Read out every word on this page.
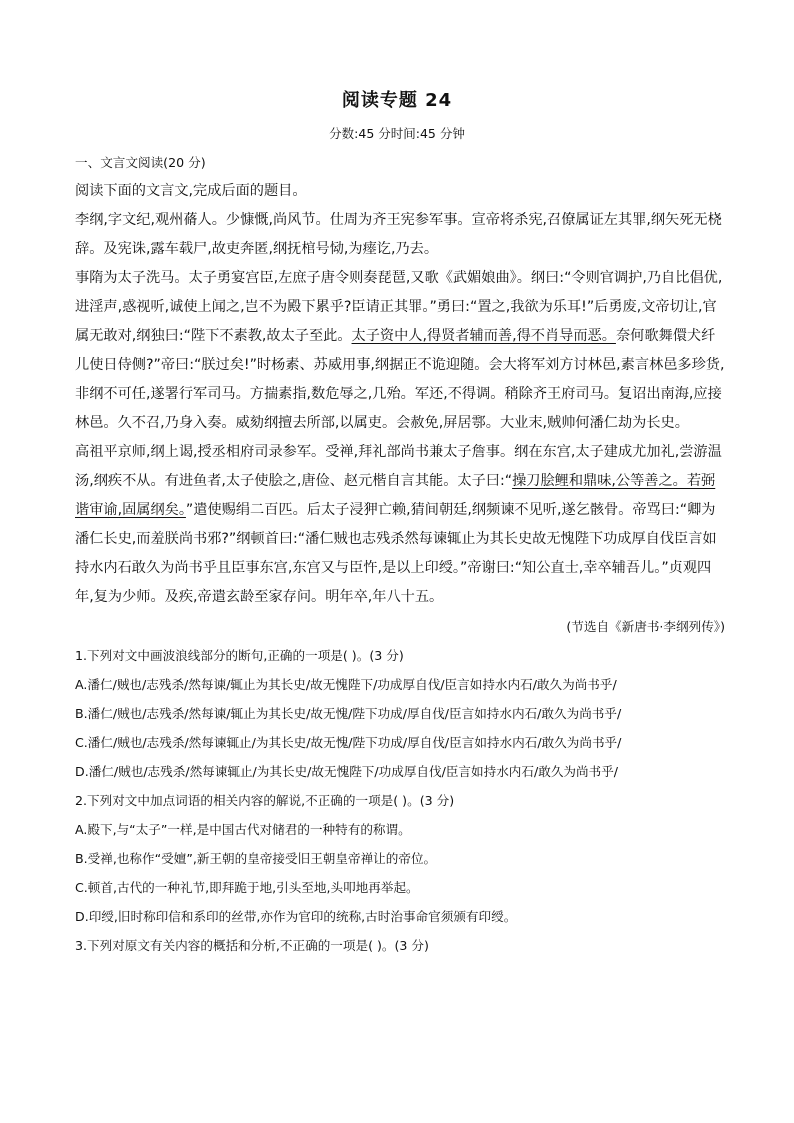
阅读专题 24
分数:45 分时间:45 分钟

一、文言文阅读(20 分)

阅读下面的文言文,完成后面的题目。

李纲,字文纪,观州蓨人。少慷慨,尚风节。仕周为齐王宪参军事。宣帝将杀宪,召僚属证左其罪,纲矢死无桡辞。及宪诛,露车载尸,故吏奔匿,纲抚棺号恸,为瘗讫,乃去。

事隋为太子洗马。太子勇宴宫臣,左庶子唐令则奏琵琶,又歌《武媚娘曲》。纲曰:“令则官调护,乃自比倡优,进淫声,惑视听,诚使上闻之,岂不为殿下累乎?臣请正其罪。”勇曰:“置之,我欲为乐耳!”后勇废,文帝切让,官属无敢对,纲独曰:“陛下不素教,故太子至此。太子资中人,得贤者辅而善,得不肖导而恶。奈何歌舞儇犬纤儿使日侍侧?”帝曰:“朕过矣!”时杨素、苏威用事,纲据正不诡迎随。会大将军刘方讨林邑,素言林邑多珍货,非纲不可任,遂署行军司马。方揣素指,数危辱之,几殆。军还,不得调。稍除齐王府司马。复诏出南海,应接林邑。久不召,乃身入奏。威劾纲擅去所部,以属吏。会赦免,屏居鄠。大业末,贼帅何潘仁劫为长史。

高祖平京师,纲上谒,授丞相府司录参军。受禅,拜礼部尚书兼太子詹事。纲在东宫,太子建成尤加礼,尝游温汤,纲疾不从。有进鱼者,太子使脍之,唐俭、赵元楷自言其能。太子曰:“操刀脍鲤和鼎味,公等善之。若弼谐审谕,固属纲矣。”遣使赐绢二百匹。后太子浸狎亡赖,猜间朝廷,纲频谏不见听,遂乞骸骨。帝骂曰:“卿为潘仁长史,而羞朕尚书邪?”纲顿首曰:“潘仁贼也志残杀然每谏辄止为其长史故无愧陛下功成厚自伐臣言如持水内石敢久为尚书乎且臣事东宫,东宫又与臣忤,是以上印绶。”帝谢曰:“知公直士,幸卒辅吾儿。”贞观四年,复为少师。及疾,帝遣玄龄至家存问。明年卒,年八十五。

(节选自《新唐书·李纲列传》)

1.下列对文中画波浪线部分的断句,正确的一项是( )。(3 分)

A.潘仁/贼也/志残杀/然每谏/辄止为其长史/故无愧陛下/功成厚自伐/臣言如持水内石/敢久为尚书乎/

B.潘仁/贼也/志残杀/然每谏/辄止为其长史/故无愧/陛下功成/厚自伐/臣言如持水内石/敢久为尚书乎/

C.潘仁/贼也/志残杀/然每谏辄止/为其长史/故无愧/陛下功成/厚自伐/臣言如持水内石/敢久为尚书乎/

D.潘仁/贼也/志残杀/然每谏辄止/为其长史/故无愧陛下/功成厚自伐/臣言如持水内石/敢久为尚书乎/

2.下列对文中加点词语的相关内容的解说,不正确的一项是( )。(3 分)

A.殿下,与“太子”一样,是中国古代对储君的一种特有的称谓。

B.受禅,也称作“受嬗”,新王朝的皇帝接受旧王朝皇帝禅让的帝位。

C.顿首,古代的一种礼节,即拜跪于地,引头至地,头叩地再举起。

D.印绶,旧时称印信和系印的丝带,亦作为官印的统称,古时治事命官须颁有印绶。

3.下列对原文有关内容的概括和分析,不正确的一项是( )。(3 分)
